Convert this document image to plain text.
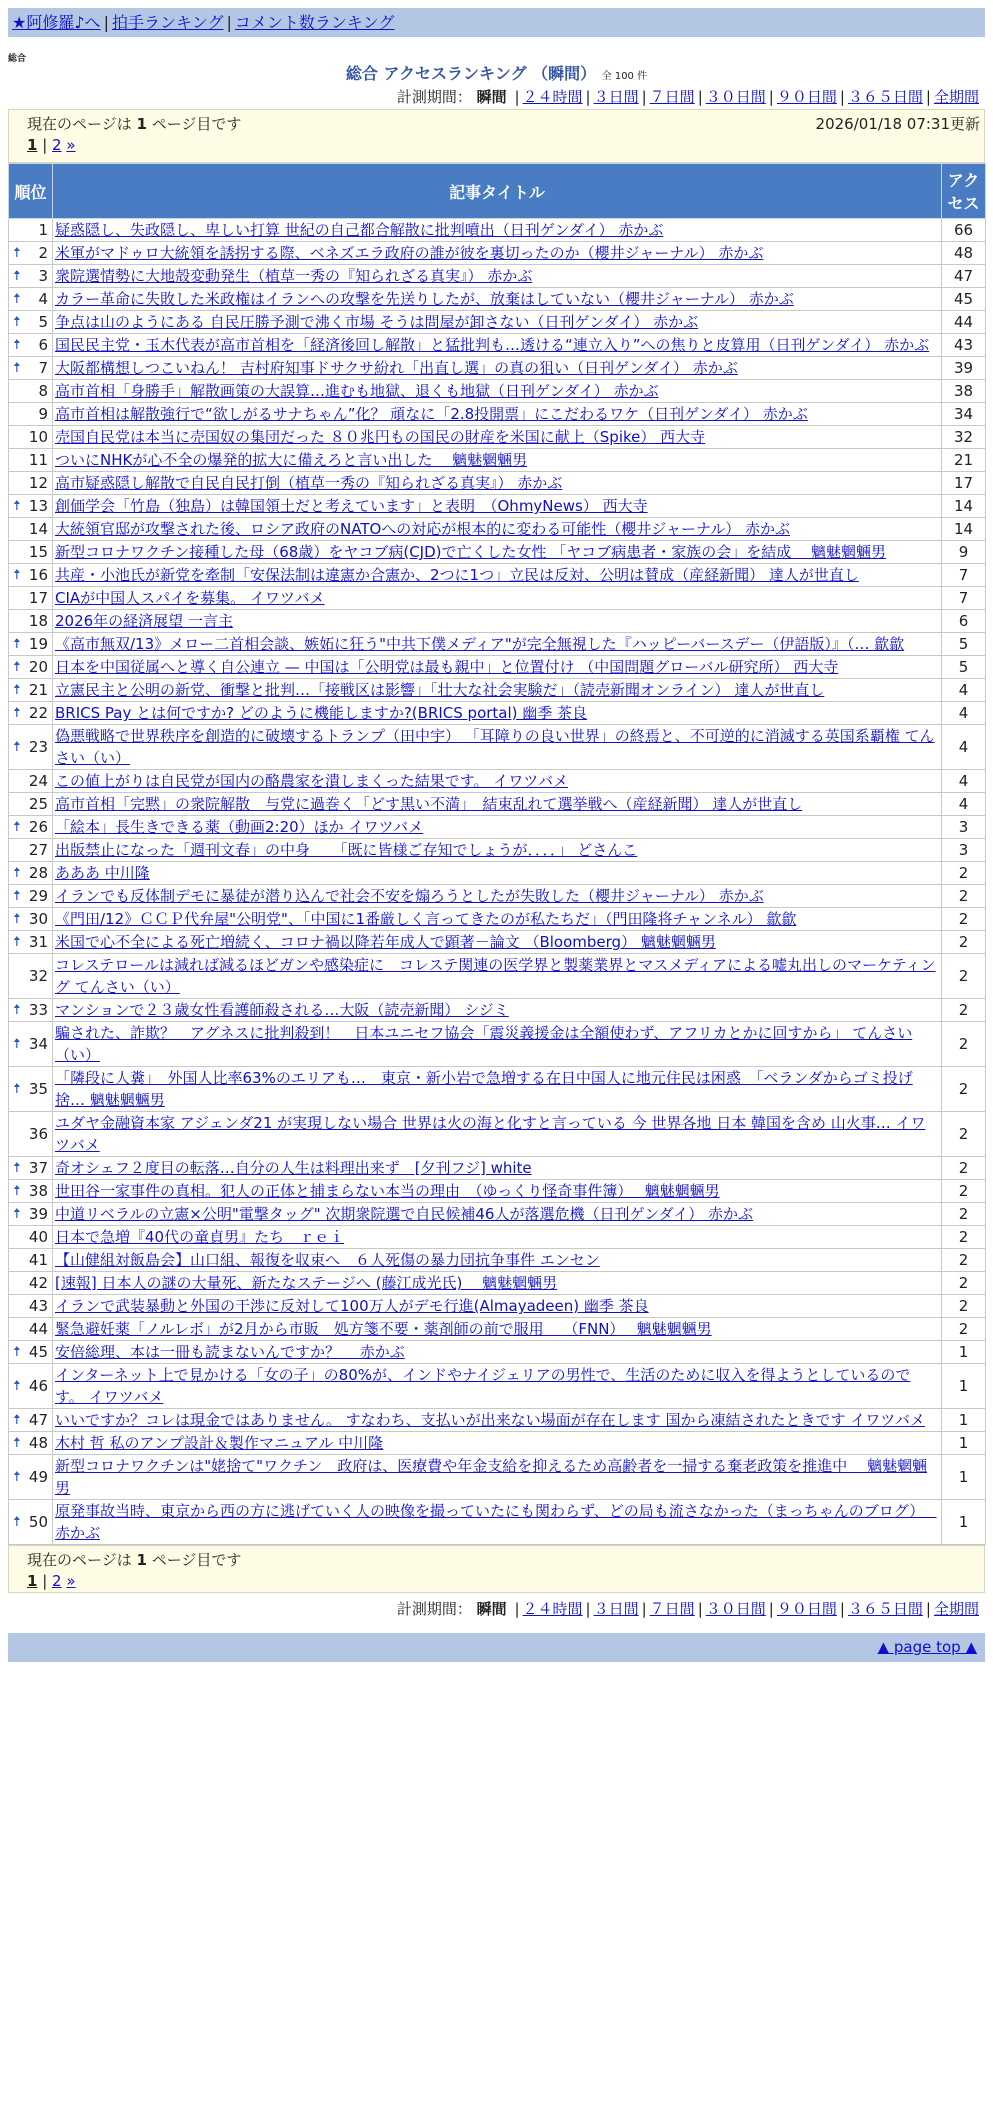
★阿修羅♪へ | 拍手ランキング | コメント数ランキング
総合
総合 アクセスランキング （瞬間） 全 100 件
計測期間： 瞬間 | ２４時間 | ３日間 | ７日間 | ３０日間 | ９０日間 | ３６５日間 | 全期間
現在のページは 1 ページ目です	2026/01/18 07:31更新
1 | 2 »
順位	記事タイトル	アクセス
1	疑惑隠し、失政隠し、卑しい打算 世紀の自己都合解散に批判噴出（日刊ゲンダイ） 赤かぶ	66

🠅 2	米軍がマドゥロ大統領を誘拐する際、ベネズエラ政府の誰が彼を裏切ったのか（櫻井ジャーナル） 赤かぶ	48

🠅 3	衆院選情勢に大地殻変動発生（植草一秀の『知られざる真実』） 赤かぶ	47

🠅 4	カラー革命に失敗した米政権はイランへの攻撃を先送りしたが、放棄はしていない（櫻井ジャーナル） 赤かぶ	45

🠅 5	争点は山のようにある 自民圧勝予測で沸く市場 そうは問屋が卸さない（日刊ゲンダイ） 赤かぶ	44

🠅 6	国民民主党・玉木代表が高市首相を「経済後回し解散」と猛批判も…透ける“連立入り”への焦りと皮算用（日刊ゲンダイ） 赤かぶ	43

🠅 7	大阪都構想しつこいねん！ 吉村府知事ドサクサ紛れ「出直し選」の真の狙い（日刊ゲンダイ） 赤かぶ	39
8	高市首相「身勝手」解散画策の大誤算…進むも地獄、退くも地獄（日刊ゲンダイ） 赤かぶ	38
9	高市首相は解散強行で“欲しがるサナちゃん”化？ 頑なに「2.8投開票」にこだわるワケ（日刊ゲンダイ） 赤かぶ	34
10	売国自民党は本当に売国奴の集団だった ８０兆円もの国民の財産を米国に献上（Spike） 西大寺	32
11	ついにNHKが心不全の爆発的拡大に備えろと言い出した　 魑魅魍魎男	21
12	高市疑惑隠し解散で自民自民打倒（植草一秀の『知られざる真実』） 赤かぶ	17

🠅 13	創価学会「竹島（独島）は韓国領土だと考えています」と表明　（OhmyNews） 西大寺	14
14	大統領官邸が攻撃された後、ロシア政府のNATOへの対応が根本的に変わる可能性（櫻井ジャーナル） 赤かぶ	14
15	新型コロナワクチン接種した母（68歳）をヤコブ病(CJD)で亡くした女性 「ヤコブ病患者・家族の会」を結成　 魑魅魍魎男	9

🠅 16	共産・小池氏が新党を牽制「安保法制は違憲か合憲か、2つに1つ」立民は反対、公明は賛成（産経新聞） 達人が世直し	7
17	CIAが中国人スパイを募集。 イワツバメ	7
18	2026年の経済展望 一言主	6

🠅 19	《高市無双/13》メロー二首相会談、嫉妬に狂う"中共下僕メディア"が完全無視した『ハッピーバースデー（伊語版）』（… 歙歙	5

🠅 20	日本を中国従属へと導く自公連立 — 中国は「公明党は最も親中」と位置付け （中国問題グローバル研究所） 西大寺	5

🠅 21	立憲民主と公明の新党、衝撃と批判…「接戦区は影響」「壮大な社会実験だ」（読売新聞オンライン） 達人が世直し	4

🠅 22	BRICS Pay とは何ですか? どのように機能しますか?(BRICS portal) 幽季 茶良	4

🠅 23	偽悪戦略で世界秩序を創造的に破壊するトランプ（田中宇） 「耳障りの良い世界」の終焉と、不可逆的に消滅する英国系覇権 てんさい（い）	4
24	この値上がりは自民党が国内の酪農家を潰しまくった結果です。 イワツバメ	4
25	高市首相「完黙」の衆院解散　与党に過巻く「どす黒い不満」　結束乱れて選挙戦へ（産経新聞） 達人が世直し	4

🠅 26	「絵本」長生きできる薬（動画2:20）ほか イワツバメ	3
27	出版禁止になった「週刊文春」の中身　　「既に皆様ご存知でしょうが．．．．」 どさんこ	3

🠅 28	あああ 中川隆	2

🠅 29	イランでも反体制デモに暴徒が潜り込んで社会不安を煽ろうとしたが失敗した（櫻井ジャーナル） 赤かぶ	2

🠅 30	《門田/12》ＣＣＰ代弁屋"公明党"、「中国に1番厳しく言ってきたのが私たちだ」（門田隆将チャンネル） 歙歙	2

🠅 31	米国で心不全による死亡増続く、コロナ禍以降若年成人で顕著－論文 （Bloomberg） 魑魅魍魎男	2
32	コレステロールは減れば減るほどガンや感染症に　コレステ関連の医学界と製薬業界とマスメディアによる嘘丸出しのマーケティング てんさい（い）	2

🠅 33	マンションで２３歳女性看護師殺される…大阪（読売新聞） シジミ	2

🠅 34	騙された、詐欺？　アグネスに批判殺到！　日本ユニセフ協会「震災義援金は全額使わず、アフリカとかに回すから」 てんさい（い）	2

🠅 35	「隣段に人糞」　外国人比率63%のエリアも…　東京・新小岩で急増する在日中国人に地元住民は困惑　「ベランダからゴミ投げ捨… 魑魅魍魎男	2
36	ユダヤ金融資本家 アジェンダ21 が実現しない場合 世界は火の海と化すと言っている 今 世界各地 日本 韓国を含め 山火事… イワツバメ	2

🠅 37	奇オシェフ２度目の転落…自分の人生は料理出来ず　[夕刊フジ] white	2

🠅 38	世田谷一家事件の真相。犯人の正体と捕まらない本当の理由　（ゆっくり怪奇事件簿）　 魑魅魍魎男	2

🠅 39	中道リベラルの立憲×公明"電撃タッグ" 次期衆院選で自民候補46人が落選危機（日刊ゲンダイ） 赤かぶ	2
40	日本で急増『40代の童貞男』たち　ｒｅｉ	2
41	【山健組対飯島会】山口組、報復を収束へ　６人死傷の暴力団抗争事件 エンセン	2
42	[速報] 日本人の謎の大量死、新たなステージへ (藤江成光氏) 　魑魅魍魎男	2
43	イランで武装暴動と外国の干渉に反対して100万人がデモ行進(Almayadeen) 幽季 茶良	2
44	緊急避妊薬「ノルレボ」が2月から市販　処方箋不要・薬剤師の前で服用　 （FNN）　 魑魅魍魎男	2

🠅 45	安倍総理、本は一冊も読まないんですか？　 赤かぶ	1

🠅 46	インターネット上で見かける「女の子」の80%が、インドやナイジェリアの男性で、生活のために収入を得ようとしているのです。 イワツバメ	1

🠅 47	いいですか？コレは現金ではありません。 すなわち、支払いが出来ない場面が存在します 国から凍結されたときです イワツバメ	1

🠅 48	木村 哲 私のアンプ設計＆製作マニュアル 中川隆	1

🠅 49	新型コロナワクチンは"姥捨て"ワクチン　政府は、医療費や年金支給を抑えるため高齢者を一掃する棄老政策を推進中　 魑魅魍魎男	1

🠅 50	原発事故当時、東京から西の方に逃げていく人の映像を撮っていたにも関わらず、どの局も流さなかった（まっちゃんのブログ）　 赤かぶ	1
現在のページは 1 ページ目です
1 | 2 »
計測期間： 瞬間 | ２４時間 | ３日間 | ７日間 | ３０日間 | ９０日間 | ３６５日間 | 全期間
▲ page top ▲
